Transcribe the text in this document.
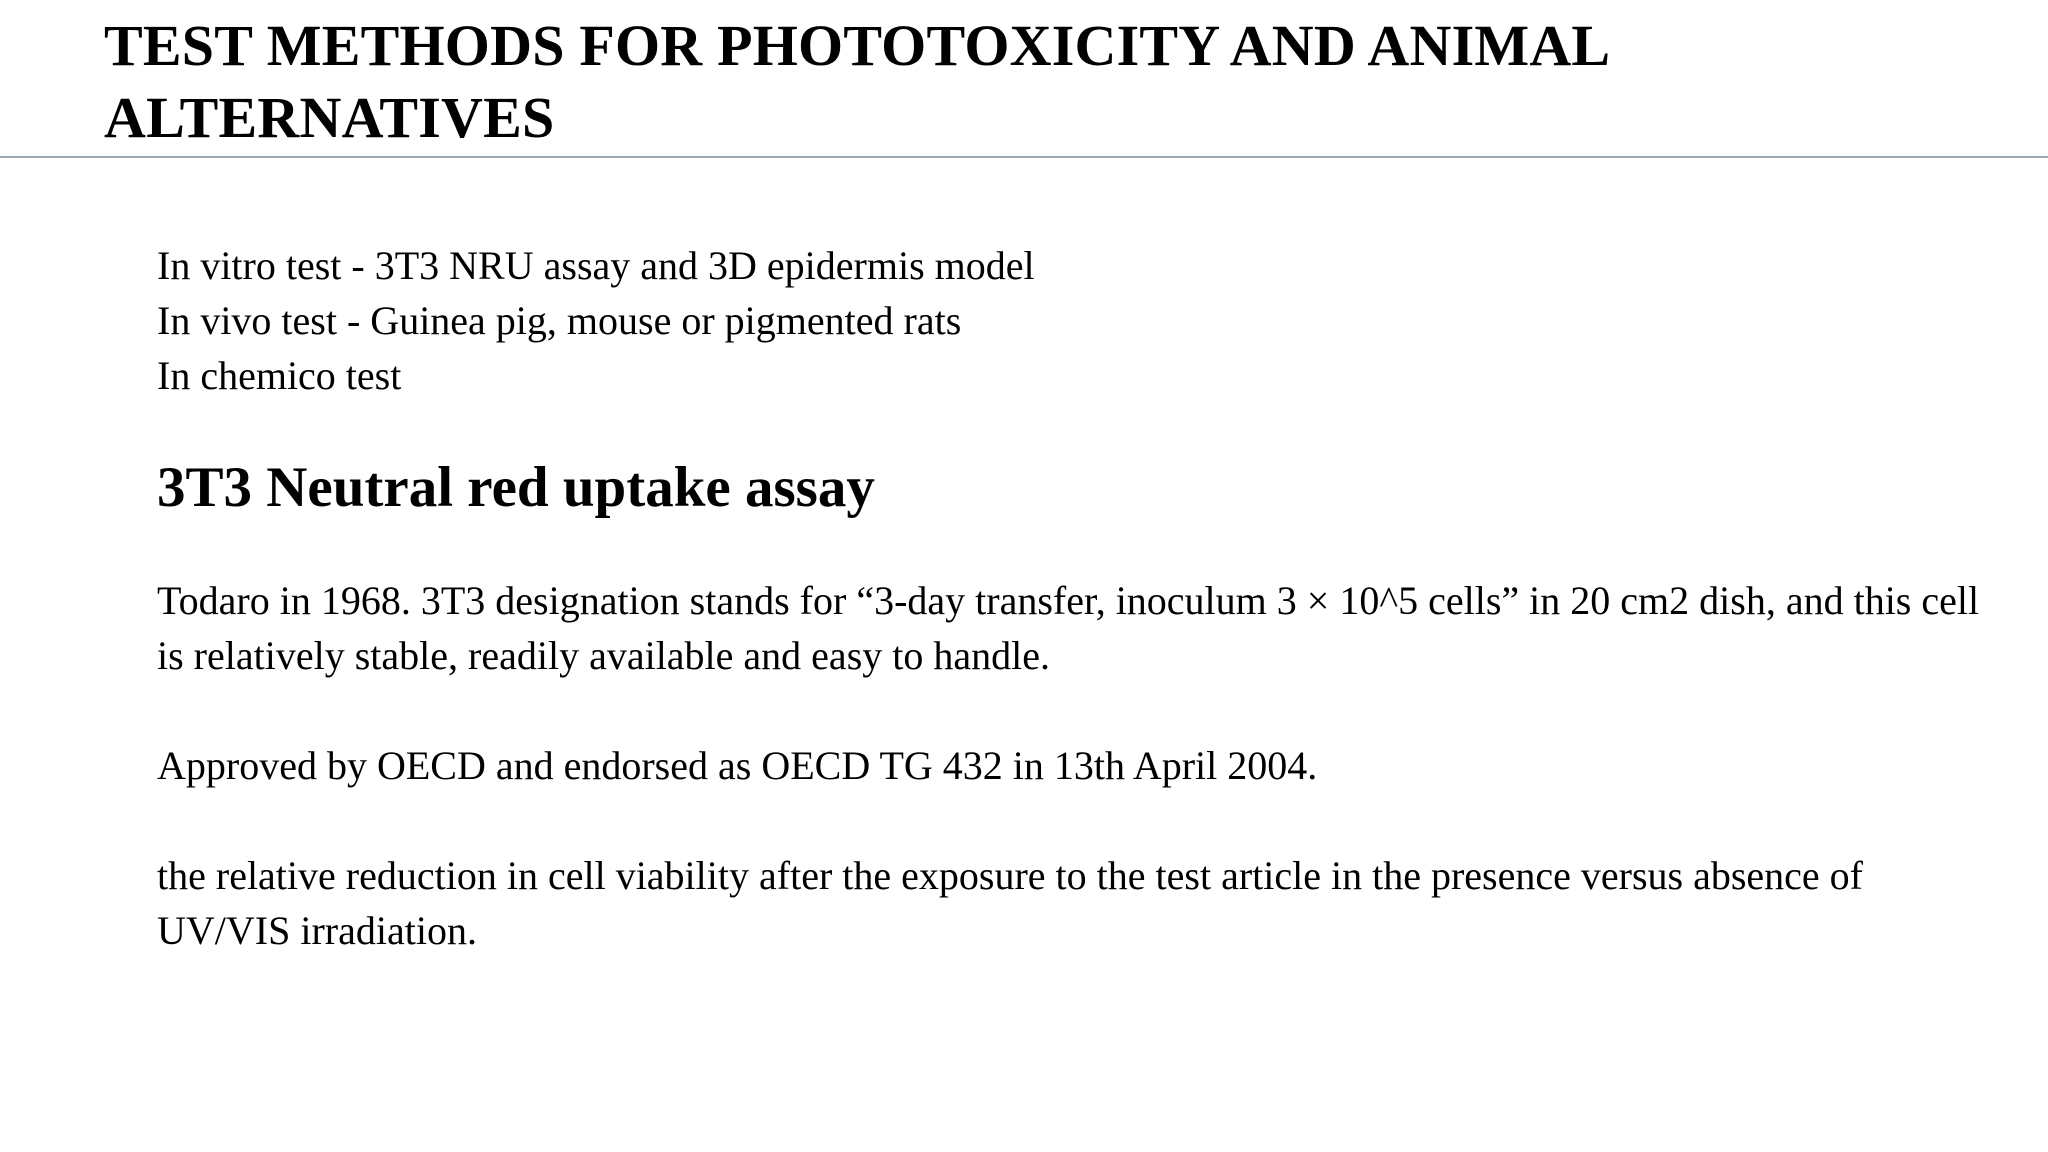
TEST METHODS FOR PHOTOTOXICITY AND ANIMAL ALTERNATIVES
In vitro test - 3T3 NRU assay and 3D epidermis model
In vivo test - Guinea pig, mouse or pigmented rats
In chemico test
3T3 Neutral red uptake assay

Todaro in 1968. 3T3 designation stands for “3-day transfer, inoculum 3 × 10^5 cells” in 20 cm2 dish, and this cell is relatively stable, readily available and easy to handle.

Approved by OECD and endorsed as OECD TG 432 in 13th April 2004.

the relative reduction in cell viability after the exposure to the test article in the presence versus absence of UV/VIS irradiation.
